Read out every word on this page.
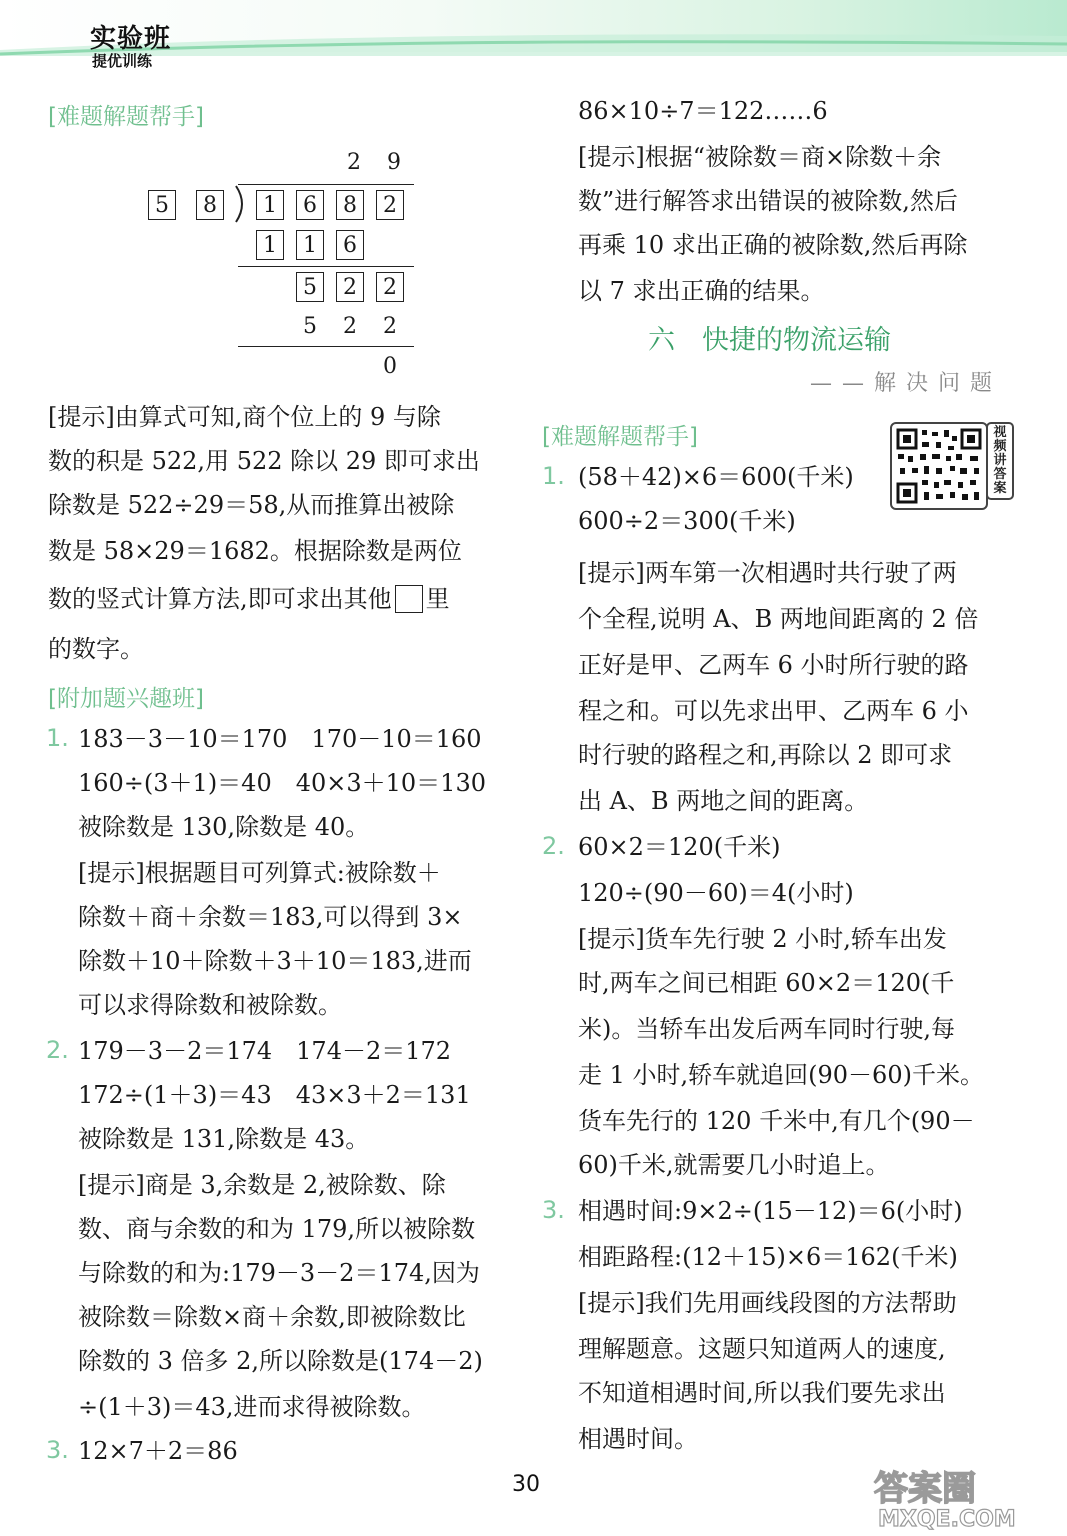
实验班
提优训练
[难题解题帮手]
2	9
5	8	1	6	8	2
1	1	6
5	2	2
5	2	2
0
[提示]由算式可知,商个位上的 9 与除
数的积是 522,用 522 除以 29 即可求出
除数是 522÷29＝58,从而推算出被除
数是 58×29＝1682。根据除数是两位
数的竖式计算方法,即可求出其他 里
的数字。
[附加题兴趣班]
1. 183－3－10＝170　170－10＝160
160÷(3＋1)＝40　40×3＋10＝130
被除数是 130,除数是 40。
[提示]根据题目可列算式:被除数＋
除数＋商＋余数＝183,可以得到 3×
除数＋10＋除数＋3＋10＝183,进而
可以求得除数和被除数。
2. 179－3－2＝174　174－2＝172
172÷(1＋3)＝43　43×3＋2＝131
被除数是 131,除数是 43。
[提示]商是 3,余数是 2,被除数、除
数、商与余数的和为 179,所以被除数
与除数的和为:179－3－2＝174,因为
被除数＝除数×商＋余数,即被除数比
除数的 3 倍多 2,所以除数是(174－2)
÷(1＋3)＝43,进而求得被除数。
3. 12×7＋2＝86
86×10÷7＝122……6
[提示]根据“被除数＝商×除数＋余
数”进行解答求出错误的被除数,然后
再乘 10 求出正确的被除数,然后再除
以 7 求出正确的结果。
六　快捷的物流运输
——解决问题
[难题解题帮手]	视频讲答案
1. (58＋42)×6＝600(千米)
600÷2＝300(千米)
[提示]两车第一次相遇时共行驶了两
个全程,说明 A、B 两地间距离的 2 倍
正好是甲、乙两车 6 小时所行驶的路
程之和。可以先求出甲、乙两车 6 小
时行驶的路程之和,再除以 2 即可求
出 A、B 两地之间的距离。
2. 60×2＝120(千米)
120÷(90－60)＝4(小时)
[提示]货车先行驶 2 小时,轿车出发
时,两车之间已相距 60×2＝120(千
米)。当轿车出发后两车同时行驶,每
走 1 小时,轿车就追回(90－60)千米。
货车先行的 120 千米中,有几个(90－
60)千米,就需要几小时追上。
3. 相遇时间:9×2÷(15－12)＝6(小时)
相距路程:(12＋15)×6＝162(千米)
[提示]我们先用画线段图的方法帮助
理解题意。这题只知道两人的速度,
不知道相遇时间,所以我们要先求出
相遇时间。
30	答案圈
MXQE.COM
